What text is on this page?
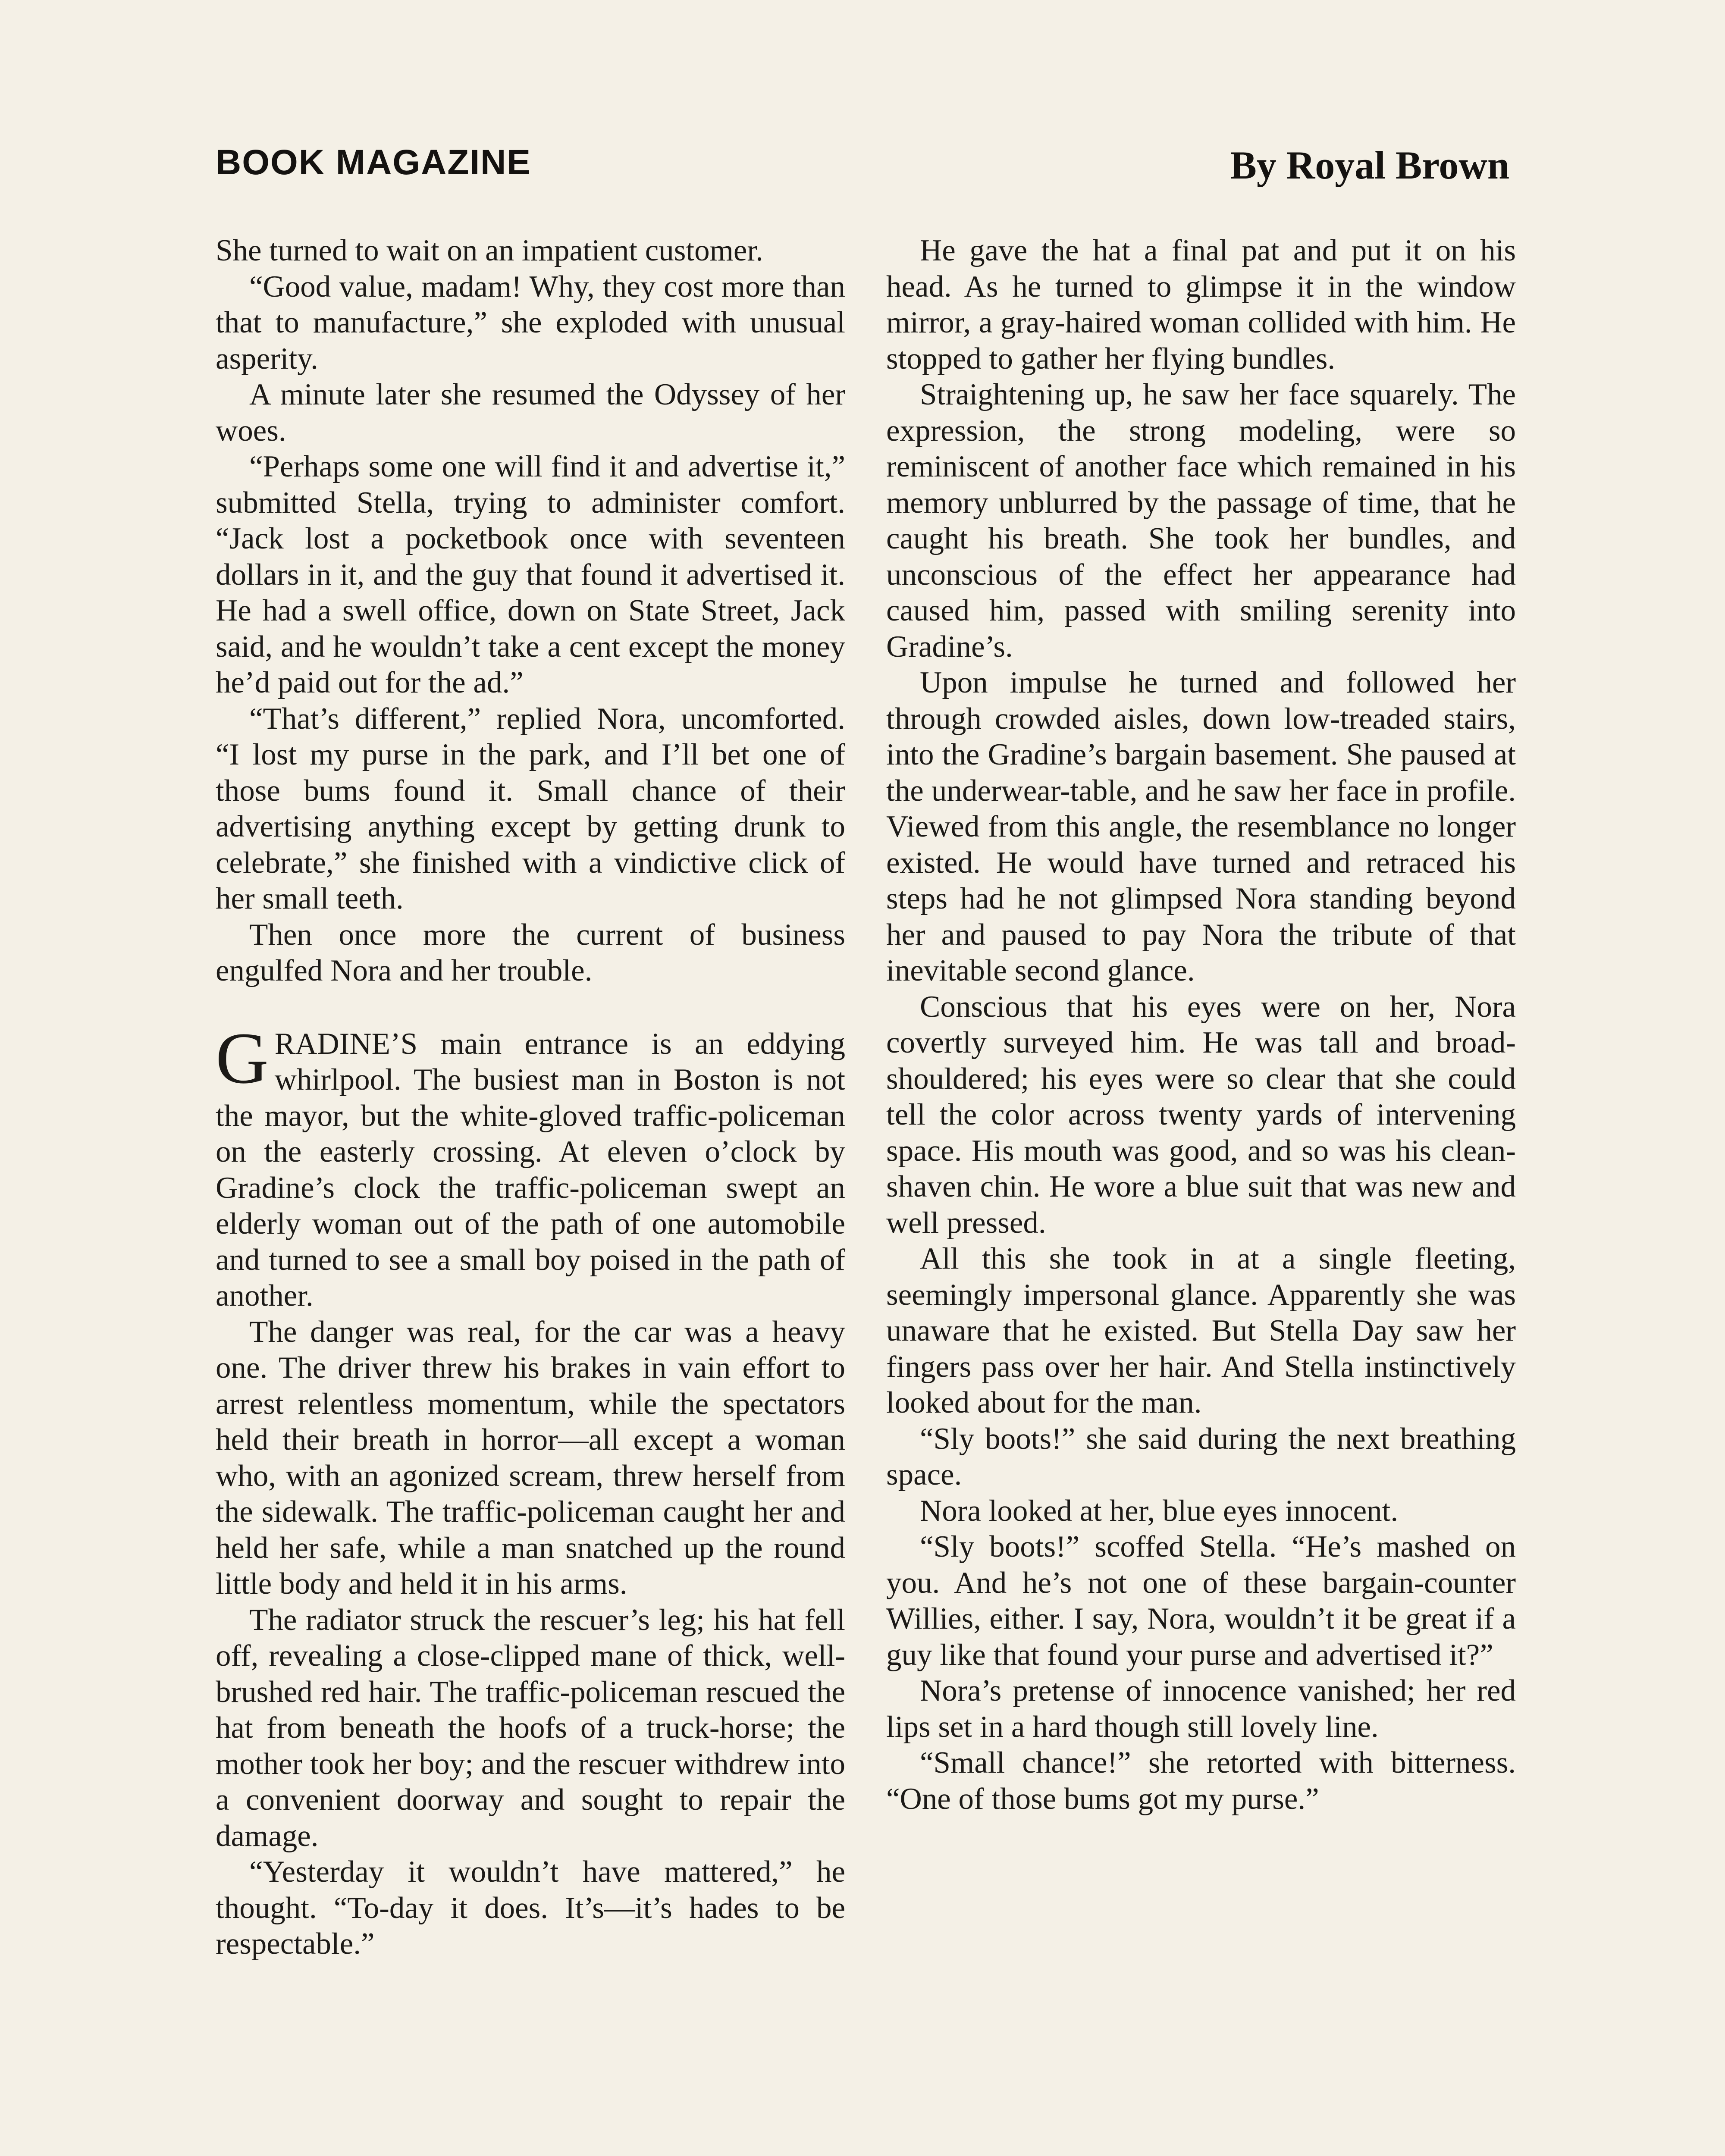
BOOK MAGAZINE	By Royal Brown

She turned to wait on an impatient customer.

“Good value, madam! Why, they cost more than that to manufacture,” she exploded with unusual asperity.

A minute later she resumed the Odyssey of her woes.

“Perhaps some one will find it and advertise it,” submitted Stella, trying to administer comfort. “Jack lost a pocketbook once with seventeen dollars in it, and the guy that found it advertised it. He had a swell office, down on State Street, Jack said, and he wouldn’t take a cent except the money he’d paid out for the ad.”

“That’s different,” replied Nora, uncomforted. “I lost my purse in the park, and I’ll bet one of those bums found it. Small chance of their advertising anything except by getting drunk to celebrate,” she finished with a vindictive click of her small teeth.

Then once more the current of business engulfed Nora and her trouble.

GRADINE’S main entrance is an eddying whirlpool. The busiest man in Boston is not the mayor, but the white-gloved traffic-policeman on the easterly crossing. At eleven o’clock by Gradine’s clock the traffic-policeman swept an elderly woman out of the path of one automobile and turned to see a small boy poised in the path of another.

The danger was real, for the car was a heavy one. The driver threw his brakes in vain effort to arrest relentless momentum, while the spectators held their breath in horror—all except a woman who, with an agonized scream, threw herself from the sidewalk. The traffic-policeman caught her and held her safe, while a man snatched up the round little body and held it in his arms.

The radiator struck the rescuer’s leg; his hat fell off, revealing a close-clipped mane of thick, well-brushed red hair. The traffic-policeman rescued the hat from beneath the hoofs of a truck-horse; the mother took her boy; and the rescuer withdrew into a convenient doorway and sought to repair the damage.

“Yesterday it wouldn’t have mattered,” he thought. “To-day it does. It’s—it’s hades to be respectable.”

He gave the hat a final pat and put it on his head. As he turned to glimpse it in the window mirror, a gray-haired woman collided with him. He stopped to gather her flying bundles.

Straightening up, he saw her face squarely. The expression, the strong modeling, were so reminiscent of another face which remained in his memory unblurred by the passage of time, that he caught his breath. She took her bundles, and unconscious of the effect her appearance had caused him, passed with smiling serenity into Gradine’s.

Upon impulse he turned and followed her through crowded aisles, down low-treaded stairs, into the Gradine’s bargain basement. She paused at the underwear-table, and he saw her face in profile. Viewed from this angle, the resemblance no longer existed. He would have turned and retraced his steps had he not glimpsed Nora standing beyond her and paused to pay Nora the tribute of that inevitable second glance.

Conscious that his eyes were on her, Nora covertly surveyed him. He was tall and broad-shouldered; his eyes were so clear that she could tell the color across twenty yards of intervening space. His mouth was good, and so was his clean-shaven chin. He wore a blue suit that was new and well pressed.

All this she took in at a single fleeting, seemingly impersonal glance. Apparently she was unaware that he existed. But Stella Day saw her fingers pass over her hair. And Stella instinctively looked about for the man.

“Sly boots!” she said during the next breathing space.

Nora looked at her, blue eyes innocent.

“Sly boots!” scoffed Stella. “He’s mashed on you. And he’s not one of these bargain-counter Willies, either. I say, Nora, wouldn’t it be great if a guy like that found your purse and advertised it?”

Nora’s pretense of innocence vanished; her red lips set in a hard though still lovely line.

“Small chance!” she retorted with bitterness. “One of those bums got my purse.”
